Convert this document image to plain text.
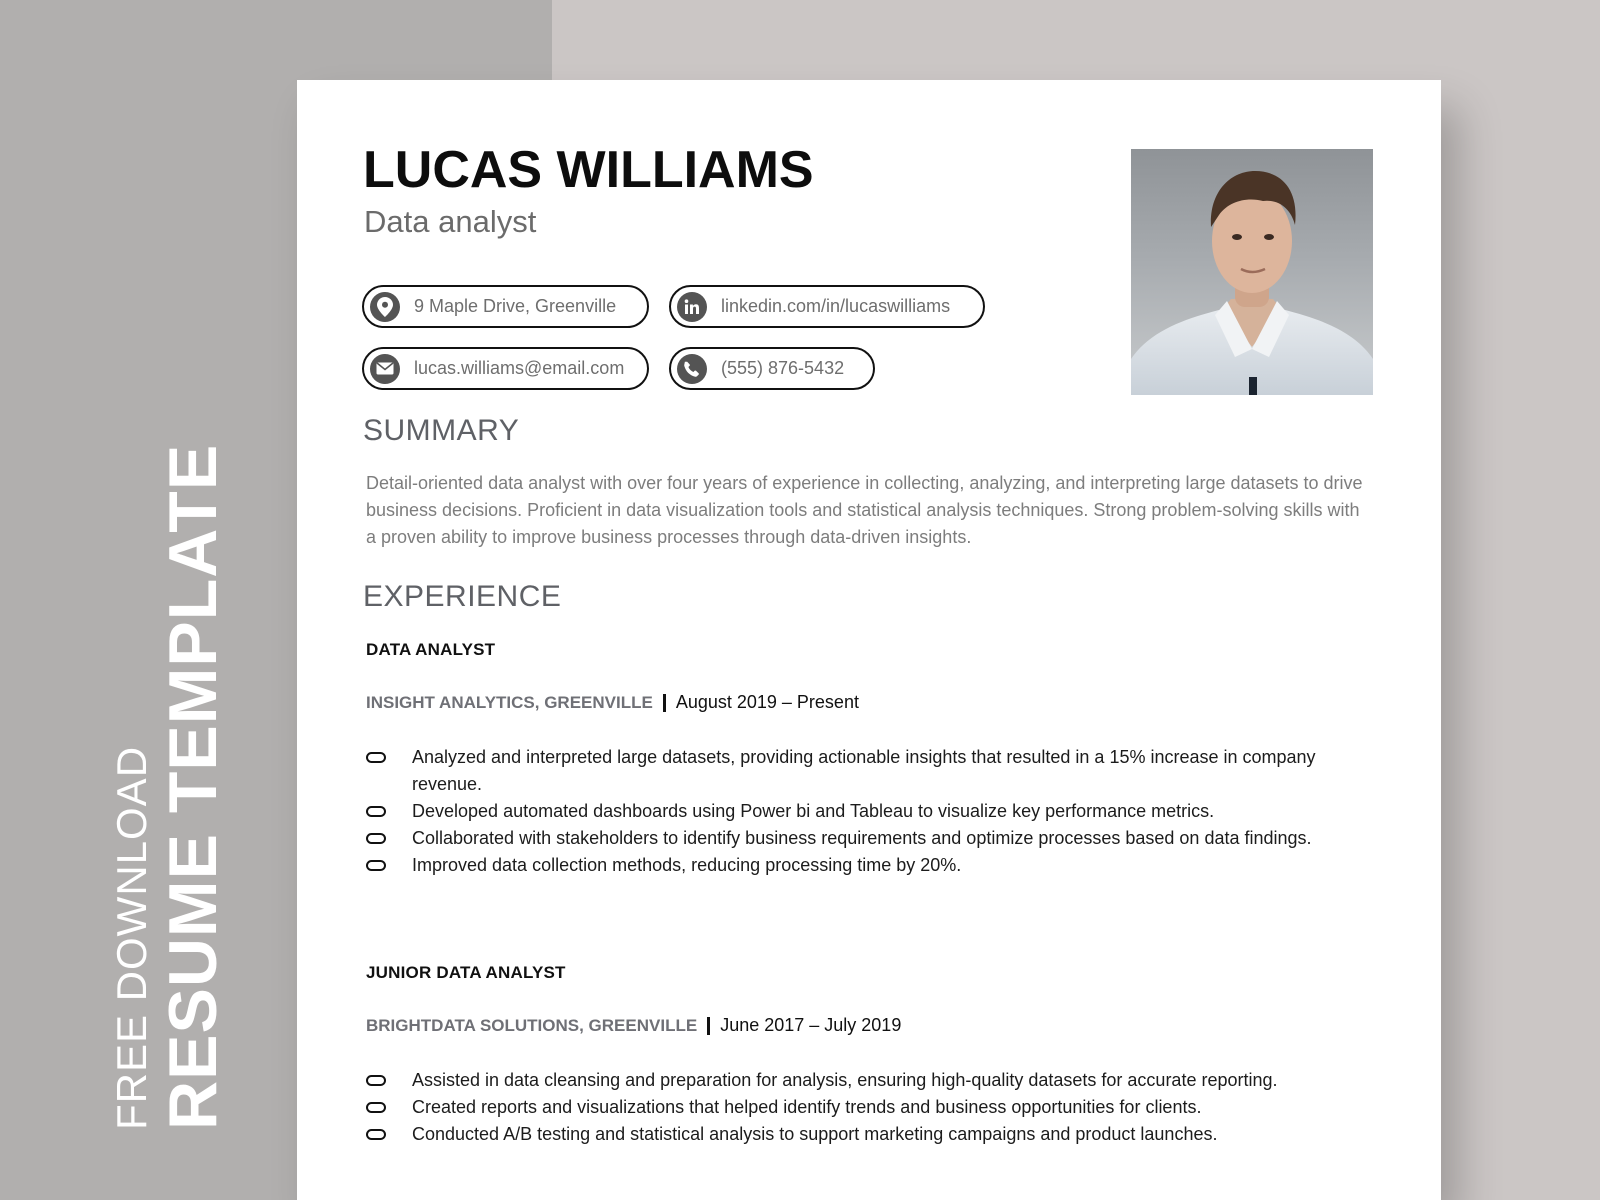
FREE DOWNLOAD RESUME TEMPLATE
LUCAS WILLIAMS
Data analyst
9 Maple Drive, Greenville	linkedin.com/in/lucaswilliams
lucas.williams@email.com	(555) 876-5432
SUMMARY
Detail-oriented data analyst with over four years of experience in collecting, analyzing, and interpreting large datasets to drive business decisions. Proficient in data visualization tools and statistical analysis techniques. Strong problem-solving skills with a proven ability to improve business processes through data-driven insights.
EXPERIENCE
DATA ANALYST
INSIGHT ANALYTICS, GREENVILLE August 2019 – Present
Analyzed and interpreted large datasets, providing actionable insights that resulted in a 15% increase in company revenue.
Developed automated dashboards using Power bi and Tableau to visualize key performance metrics.
Collaborated with stakeholders to identify business requirements and optimize processes based on data findings.
Improved data collection methods, reducing processing time by 20%.
JUNIOR DATA ANALYST
BRIGHTDATA SOLUTIONS, GREENVILLE June 2017 – July 2019
Assisted in data cleansing and preparation for analysis, ensuring high-quality datasets for accurate reporting.
Created reports and visualizations that helped identify trends and business opportunities for clients.
Conducted A/B testing and statistical analysis to support marketing campaigns and product launches.
